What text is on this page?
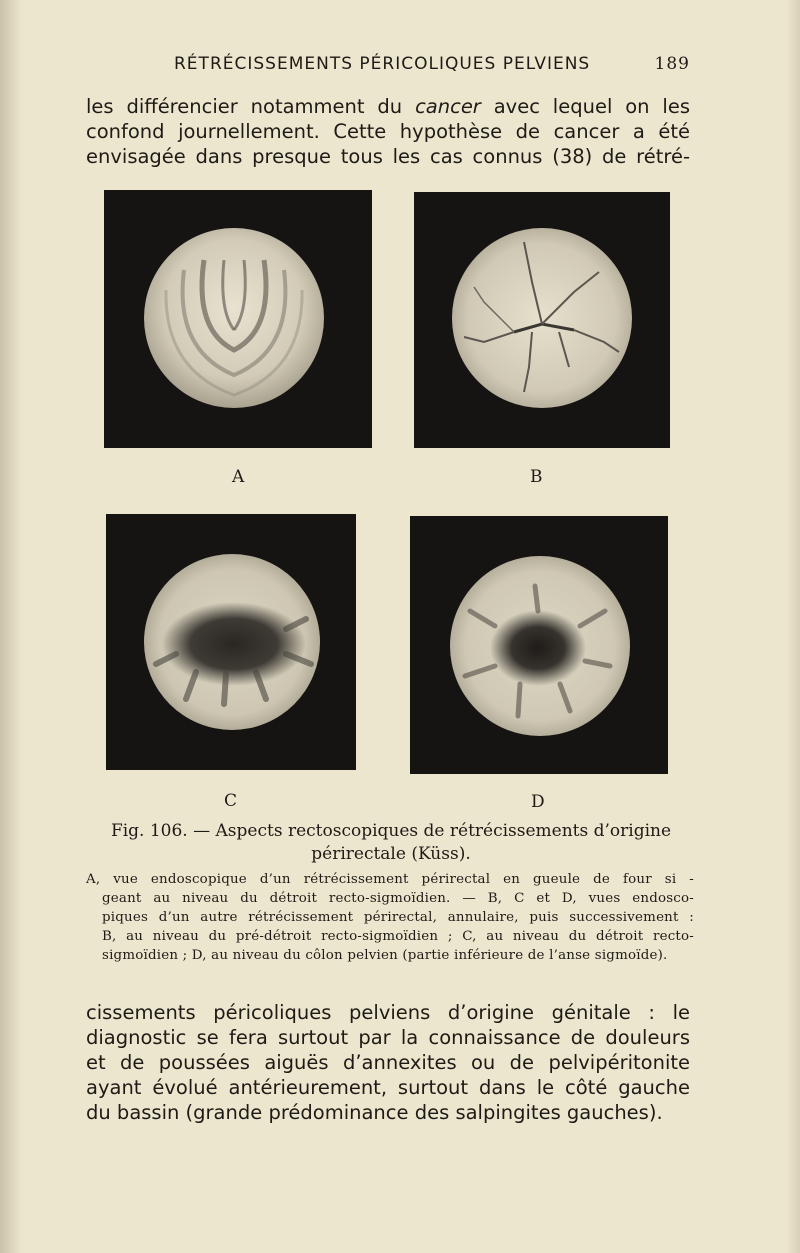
RÉTRÉCISSEMENTS PÉRICOLIQUES PELVIENS	189
les différencier notamment du cancer avec lequel on les
confond journellement. Cette hypothèse de cancer a été
envisagée dans presque tous les cas connus (38) de rétré-
A	B
C	D
Fig. 106. — Aspects rectoscopiques de rétrécissements d’origine
périrectale (Küss).
A, vue endoscopique d’un rétrécissement périrectal en gueule de four si -
geant au niveau du détroit recto-sigmoïdien. — B, C et D, vues endosco-
piques d’un autre rétrécissement périrectal, annulaire, puis successivement :
B, au niveau du pré-détroit recto-sigmoïdien ; C, au niveau du détroit recto-
sigmoïdien ; D, au niveau du côlon pelvien (partie inférieure de l’anse sigmoïde).
cissements péricoliques pelviens d’origine génitale : le
diagnostic se fera surtout par la connaissance de douleurs
et de poussées aiguës d’annexites ou de pelvipéritonite
ayant évolué antérieurement, surtout dans le côté gauche
du bassin (grande prédominance des salpingites gauches).
